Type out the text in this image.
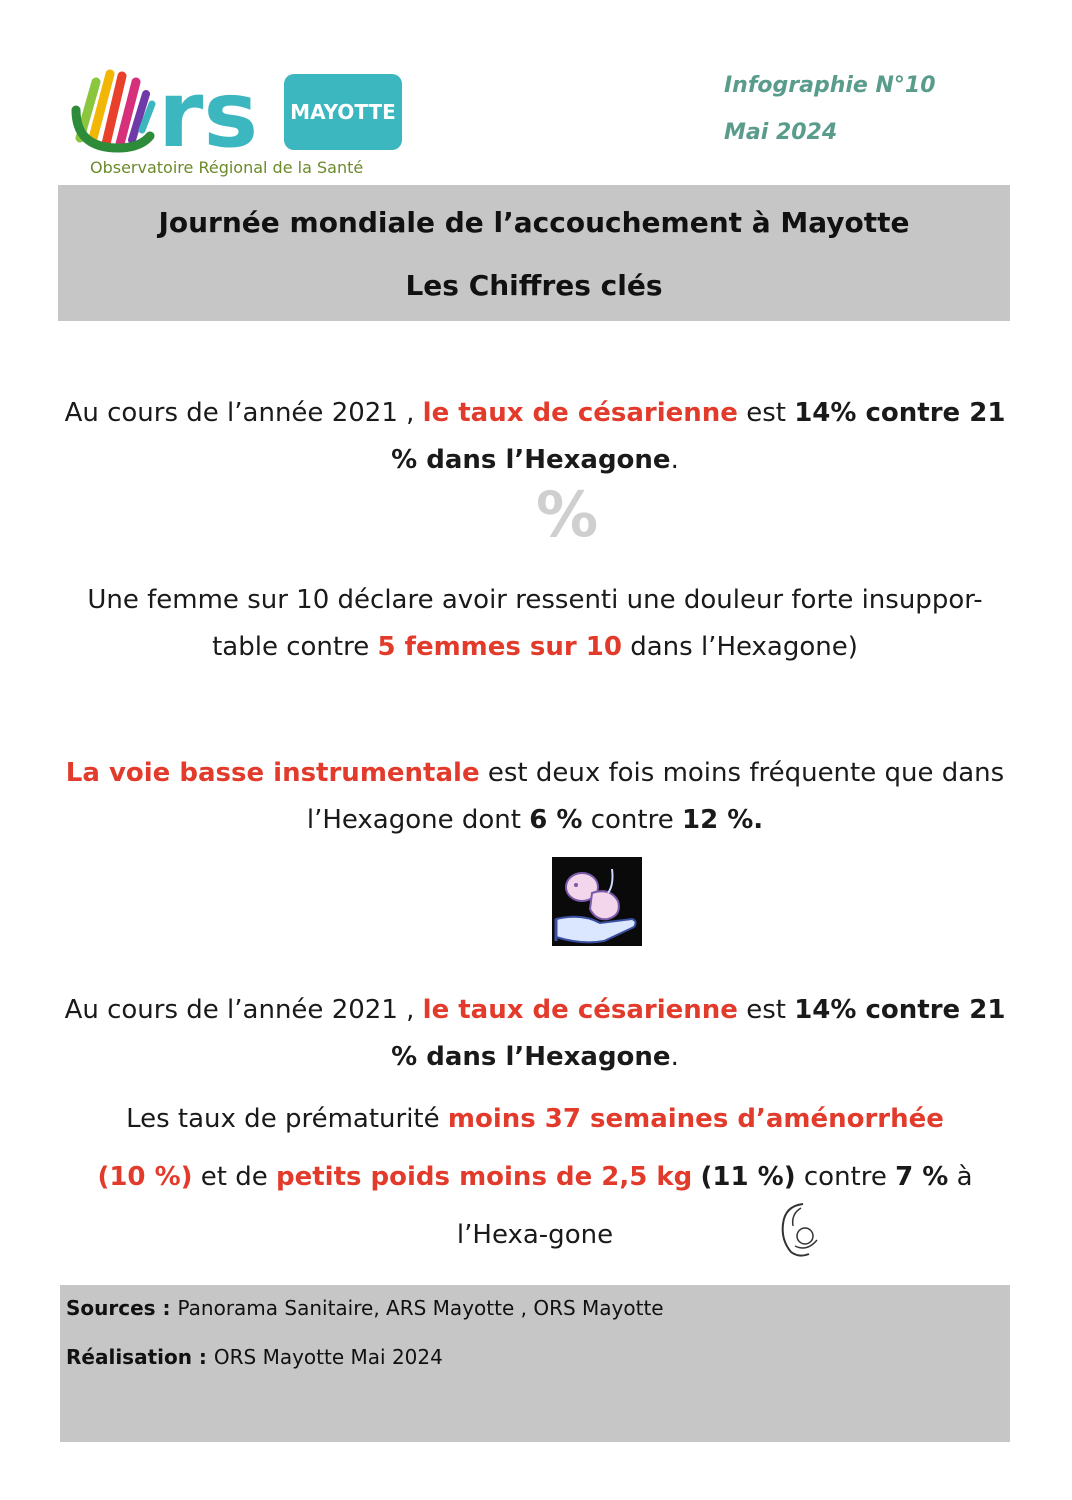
rs	MAYOTTE
Observatoire Régional de la Santé
Infographie N°10
Mai 2024
Journée mondiale de l’accouchement à Mayotte
Les Chiffres clés
Au cours de l’année 2021 , le taux de césarienne est 14% contre 21 % dans l’Hexagone.
%
Une femme sur 10 déclare avoir ressenti une douleur forte insuppor-table contre 5 femmes sur 10 dans l’Hexagone)
La voie basse instrumentale est deux fois moins fréquente que dans l’Hexagone dont 6 % contre 12 %.
Au cours de l’année 2021 , le taux de césarienne est 14% contre 21 % dans l’Hexagone.
Les taux de prématurité moins 37 semaines d’aménorrhée
(10 %) et de petits poids moins de 2,5 kg (11 %) contre 7 % à l’Hexa-gone
Sources : Panorama Sanitaire, ARS Mayotte , ORS Mayotte
Réalisation : ORS Mayotte Mai 2024
